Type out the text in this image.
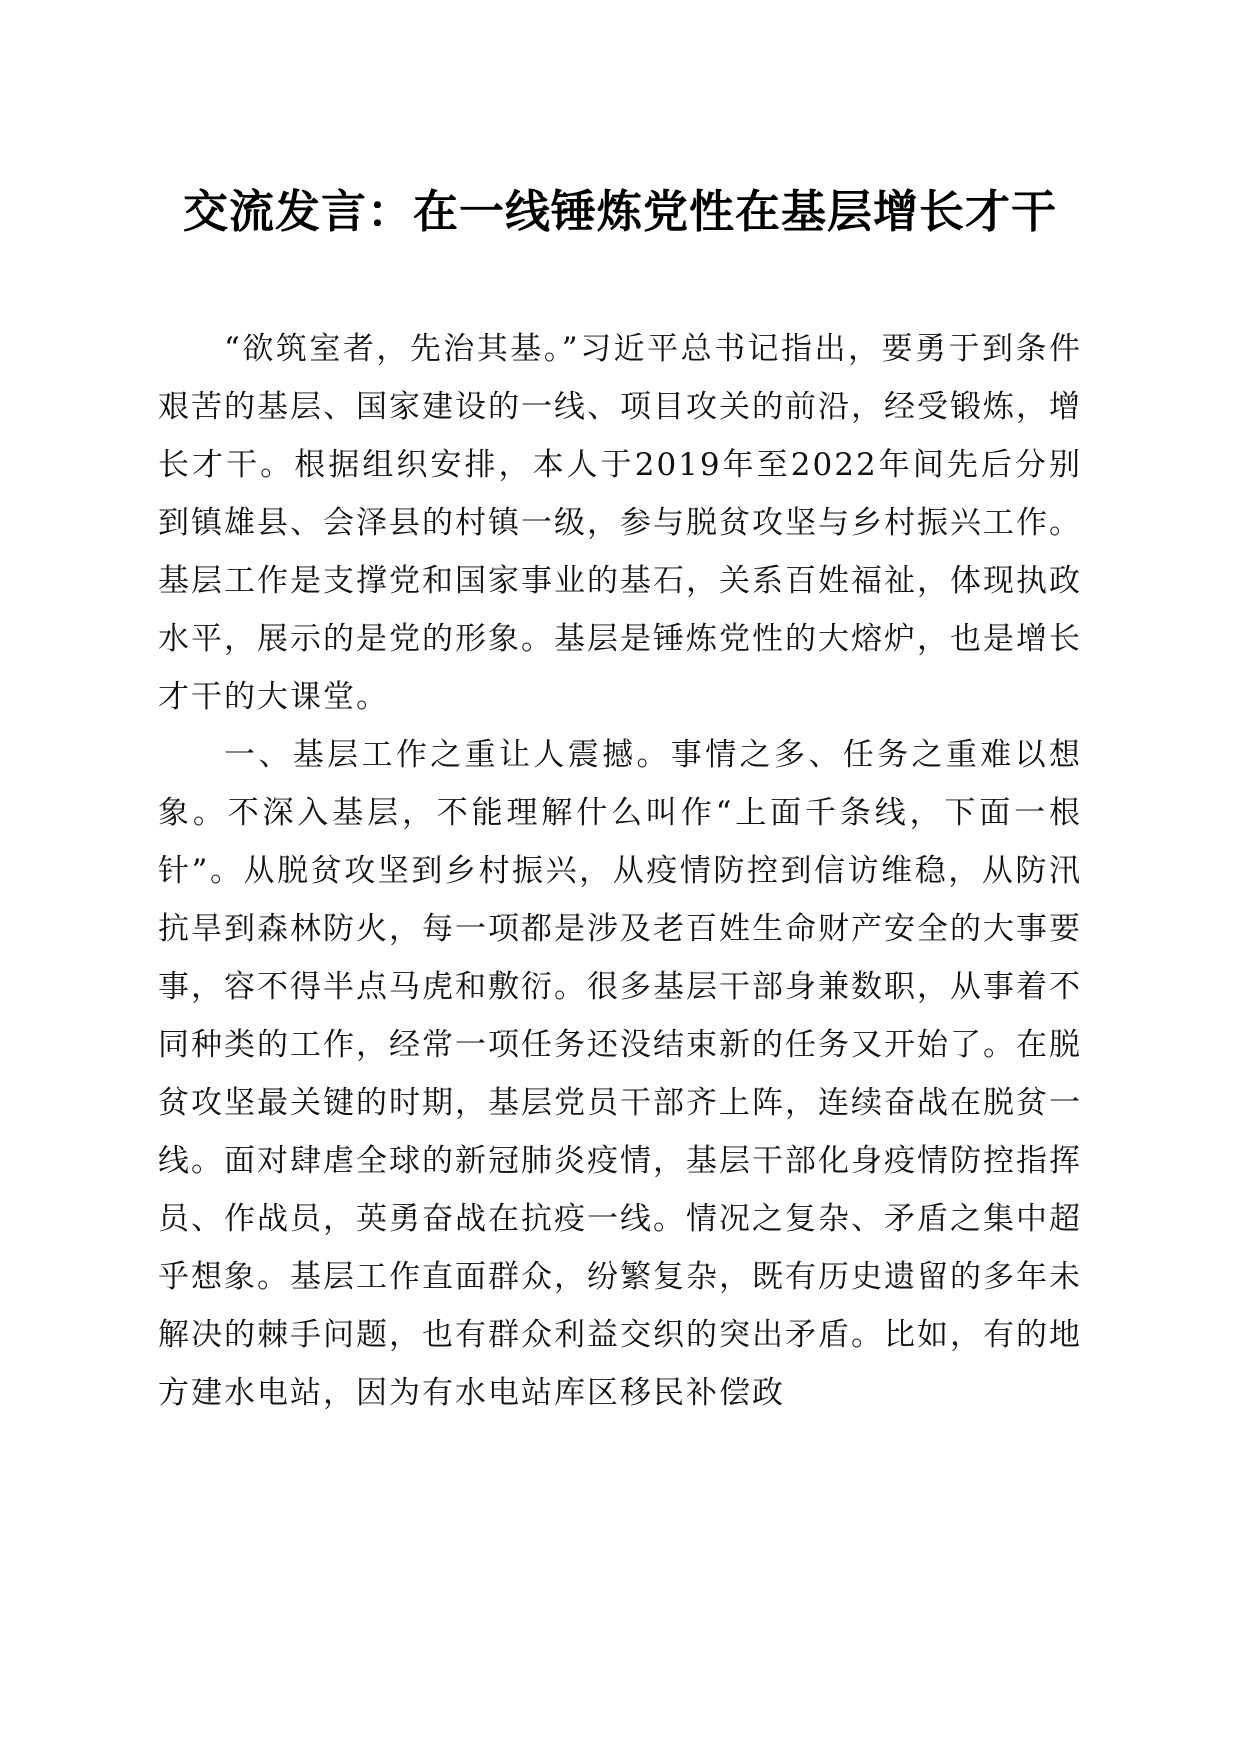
交流发言：在一线锤炼党性在基层增长才干

“欲筑室者，先治其基。”习近平总书记指出，要勇于到条件艰苦的基层、国家建设的一线、项目攻关的前沿，经受锻炼，增长才干。根据组织安排，本人于2019年至2022年间先后分别到镇雄县、会泽县的村镇一级，参与脱贫攻坚与乡村振兴工作。基层工作是支撑党和国家事业的基石，关系百姓福祉，体现执政水平，展示的是党的形象。基层是锤炼党性的大熔炉，也是增长才干的大课堂。

一、基层工作之重让人震撼。事情之多、任务之重难以想象。不深入基层，不能理解什么叫作“上面千条线，下面一根针”。从脱贫攻坚到乡村振兴，从疫情防控到信访维稳，从防汛抗旱到森林防火，每一项都是涉及老百姓生命财产安全的大事要事，容不得半点马虎和敷衍。很多基层干部身兼数职，从事着不同种类的工作，经常一项任务还没结束新的任务又开始了。在脱贫攻坚最关键的时期，基层党员干部齐上阵，连续奋战在脱贫一线。面对肆虐全球的新冠肺炎疫情，基层干部化身疫情防控指挥员、作战员，英勇奋战在抗疫一线。情况之复杂、矛盾之集中超乎想象。基层工作直面群众，纷繁复杂，既有历史遗留的多年未解决的棘手问题，也有群众利益交织的突出矛盾。比如，有的地方建水电站，因为有水电站库区移民补偿政
